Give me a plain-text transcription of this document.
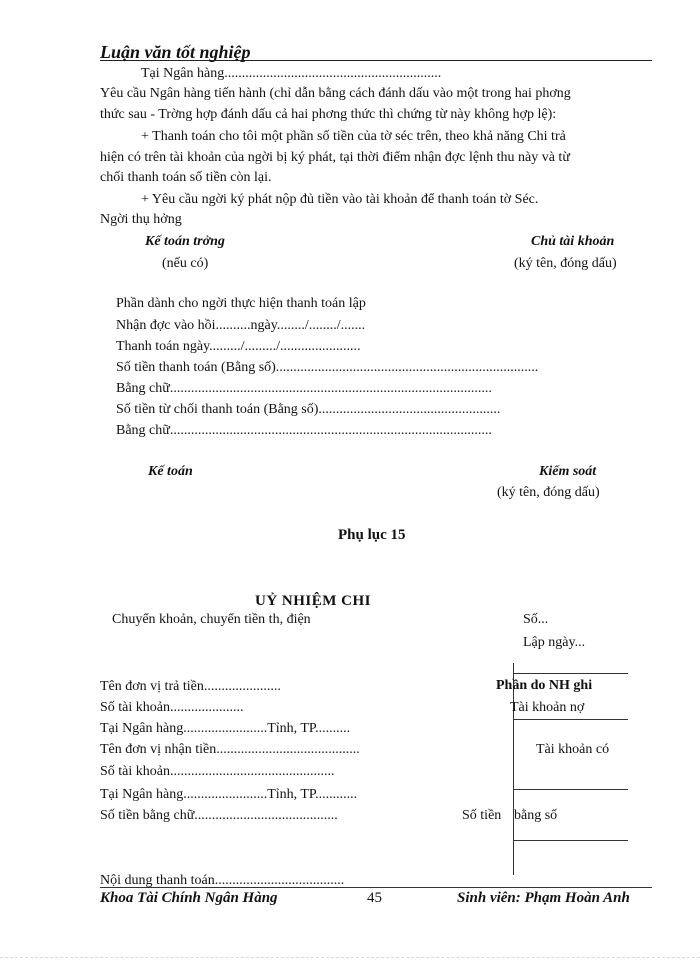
Luận văn tốt nghiệp
Tại Ngân hàng..............................................................
Yêu cầu Ngân hàng tiến hành (chỉ dẫn bằng cách đánh dấu vào một trong hai phơng
thức sau - Trờng hợp đánh dấu cả hai phơng thức thì chứng từ này không hợp lệ):
+ Thanh toán cho tôi một phần số tiền của tờ séc trên, theo khả năng Chi trả
hiện có trên tài khoản của ngời bị ký phát, tại thời điểm nhận đợc lệnh thu này và từ
chối thanh toán số tiền còn lại.
+ Yêu cầu ngời ký phát nộp đủ tiền vào tài khoản để thanh toán tờ Séc.
Ngời thụ hởng
Kế toán trởng
(nếu có)
Chủ tài khoản
(ký tên, đóng dấu)
Phần dành cho ngời thực hiện thanh toán lập
Nhận đợc vào hồi..........ngày......../......../.......
Thanh toán ngày........./........./.......................
Số tiền thanh toán (Bằng số)...........................................................................
Bằng chữ............................................................................................
Số tiền từ chối thanh toán (Bằng số)....................................................
Bằng chữ............................................................................................
Kế toán	Kiểm soát
(ký tên, đóng dấu)
Phụ lục 15
UỶ NHIỆM CHI
Chuyển khoản, chuyển tiền th, điện	Số...
Lập ngày...
Tên đơn vị trả tiền......................
Số tài khoản.....................
Tại Ngân hàng........................Tỉnh, TP..........
Tên đơn vị nhận tiền.........................................
Số tài khoản...............................................
Tại Ngân hàng........................Tỉnh, TP............
Số tiền bằng chữ.........................................
Nội dung thanh toán.....................................
Phần do NH ghi
Tài khoản nợ
Tài khoản có
Số tiền bằng số
Khoa Tài Chính Ngân Hàng	45	Sinh viên: Phạm Hoàn Anh
